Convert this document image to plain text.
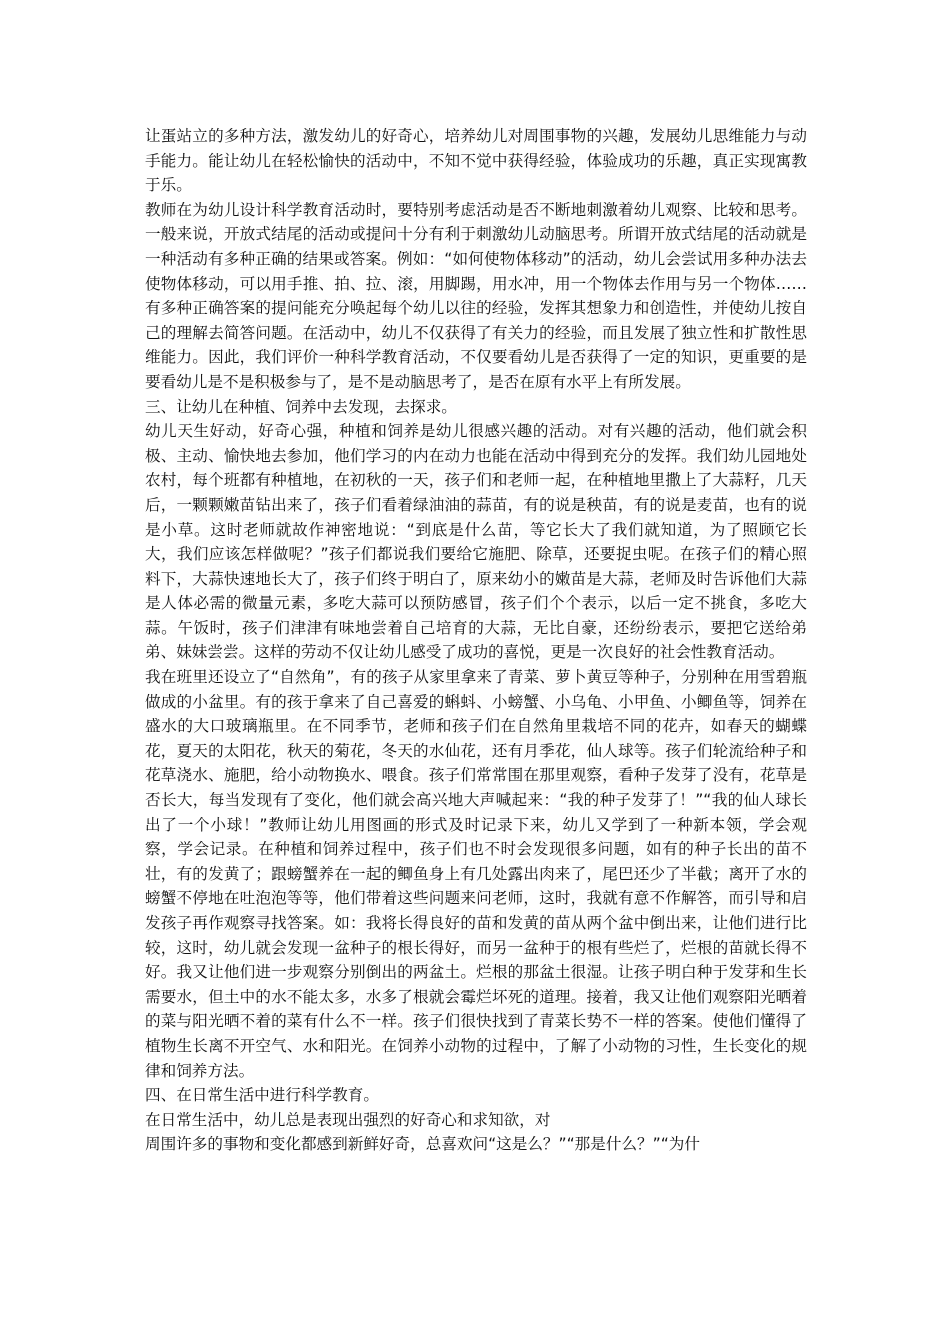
让蛋站立的多种方法，激发幼儿的好奇心，培养幼儿对周围事物的兴趣，发展幼儿思维能力与动手能力。能让幼儿在轻松愉快的活动中，不知不觉中获得经验，体验成功的乐趣，真正实现寓教于乐。

教师在为幼儿设计科学教育活动时，要特别考虑活动是否不断地刺激着幼儿观察、比较和思考。一般来说，开放式结尾的活动或提问十分有利于刺激幼儿动脑思考。所谓开放式结尾的活动就是一种活动有多种正确的结果或答案。例如：“如何使物体移动”的活动，幼儿会尝试用多种办法去使物体移动，可以用手推、拍、拉、滚，用脚踢，用水冲，用一个物体去作用与另一个物体……有多种正确答案的提问能充分唤起每个幼儿以往的经验，发挥其想象力和创造性，并使幼儿按自己的理解去简答问题。在活动中，幼儿不仅获得了有关力的经验，而且发展了独立性和扩散性思维能力。因此，我们评价一种科学教育活动，不仅要看幼儿是否获得了一定的知识，更重要的是要看幼儿是不是积极参与了，是不是动脑思考了，是否在原有水平上有所发展。

三、让幼儿在种植、饲养中去发现，去探求。

幼儿天生好动，好奇心强，种植和饲养是幼儿很感兴趣的活动。对有兴趣的活动，他们就会积极、主动、愉快地去参加，他们学习的内在动力也能在活动中得到充分的发挥。我们幼儿园地处农村，每个班都有种植地，在初秋的一天，孩子们和老师一起，在种植地里撒上了大蒜籽，几天后，一颗颗嫩苗钻出来了，孩子们看着绿油油的蒜苗，有的说是秧苗，有的说是麦苗，也有的说是小草。这时老师就故作神密地说：“到底是什么苗，等它长大了我们就知道，为了照顾它长大，我们应该怎样做呢？”孩子们都说我们要给它施肥、除草，还要捉虫呢。在孩子们的精心照料下，大蒜快速地长大了，孩子们终于明白了，原来幼小的嫩苗是大蒜，老师及时告诉他们大蒜是人体必需的微量元素，多吃大蒜可以预防感冒，孩子们个个表示，以后一定不挑食，多吃大蒜。午饭时，孩子们津津有味地尝着自己培育的大蒜，无比自豪，还纷纷表示，要把它送给弟弟、妹妹尝尝。这样的劳动不仅让幼儿感受了成功的喜悦，更是一次良好的社会性教育活动。

我在班里还设立了“自然角”，有的孩子从家里拿来了青菜、萝卜黄豆等种子，分别种在用雪碧瓶做成的小盆里。有的孩于拿来了自己喜爱的蝌蚪、小螃蟹、小乌龟、小甲鱼、小鲫鱼等，饲养在盛水的大口玻璃瓶里。在不同季节，老师和孩子们在自然角里栽培不同的花卉，如春天的蝴蝶花，夏天的太阳花，秋天的菊花，冬天的水仙花，还有月季花，仙人球等。孩子们轮流给种子和花草浇水、施肥，给小动物换水、喂食。孩子们常常围在那里观察，看种子发芽了没有，花草是否长大，每当发现有了变化，他们就会高兴地大声喊起来：“我的种子发芽了！”“我的仙人球长出了一个小球！”教师让幼儿用图画的形式及时记录下来，幼儿又学到了一种新本领，学会观察，学会记录。在种植和饲养过程中，孩子们也不时会发现很多问题，如有的种子长出的苗不壮，有的发黄了；跟螃蟹养在一起的鲫鱼身上有几处露出肉来了，尾巴还少了半截；离开了水的螃蟹不停地在吐泡泡等等，他们带着这些问题来问老师，这时，我就有意不作解答，而引导和启发孩子再作观察寻找答案。如：我将长得良好的苗和发黄的苗从两个盆中倒出来，让他们进行比较，这时，幼儿就会发现一盆种子的根长得好，而另一盆种于的根有些烂了，烂根的苗就长得不好。我又让他们进一步观察分别倒出的两盆土。烂根的那盆土很湿。让孩子明白种于发芽和生长需要水，但土中的水不能太多，水多了根就会霉烂坏死的道理。接着，我又让他们观察阳光晒着的菜与阳光晒不着的菜有什么不一样。孩子们很快找到了青菜长势不一样的答案。使他们懂得了植物生长离不开空气、水和阳光。在饲养小动物的过程中，了解了小动物的习性，生长变化的规律和饲养方法。

四、在日常生活中进行科学教育。

在日常生活中，幼儿总是表现出强烈的好奇心和求知欲，对

周围许多的事物和变化都感到新鲜好奇，总喜欢问“这是么？”“那是什么？”“为什
